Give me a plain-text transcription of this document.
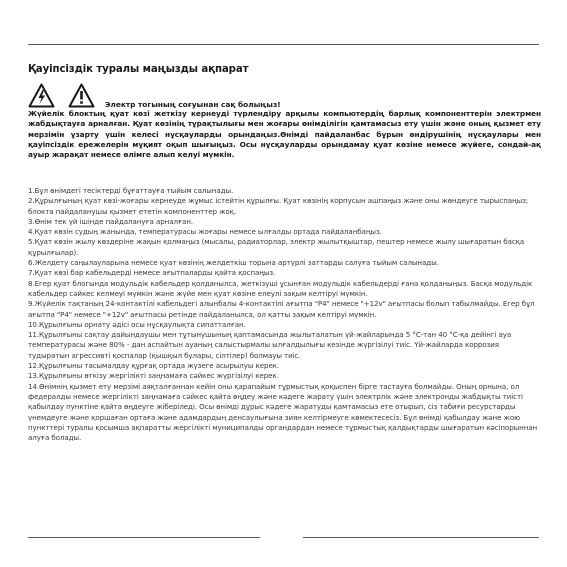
Қауіпсіздік туралы маңызды ақпарат
Электр тогының соғуынан сақ болыңыз!
Жүйелік блоктың қуат көзі жеткізу кернеуді түрлендіру арқылы компьютердің барлық компоненттерін электрмен жабдықтауға арналған. Қуат көзінің тұрақтылығы мен жоғары өнімділігін қамтамасыз ету үшін және оның қызмет ету мерзімін ұзарту үшін келесі нұсқауларды орындаңыз.Өнімді пайдаланбас бұрын өндірушінің нұсқаулары мен қауіпсіздік ережелерін мұқият оқып шығыңыз. Осы нұсқауларды орындамау қуат көзіне немесе жүйеге, сондай-ақ ауыр жарақат немесе өлімге алып келуі мүмкін.
1.Бұл өнімдегі тесіктерді бұғаттауға тыйым салынады.
2.Құрылғының қуат көзі-жоғары кернеуде жұмыс істейтін құрылғы. Қуат көзінің корпусын ашпаңыз және оны жөндеуге тырыспаңыз; блокта пайдаланушы қызмет ететін компоненттер жоқ.
3.Өнім тек үй ішінде пайдалануға арналған.
4.Қуат көзін судың жанында, температурасы жоғары немесе ылғалды ортада пайдаланбаңыз.
5.Қуат көзін жылу көздеріне жақын қолмаңыз (мысалы, радиаторлар, электр жылытқыштар, пештер немесе жылу шығаратын басқа құрылғылар).
6.Желдету саңылауларына немесе қуат көзінің желдеткіш торына артүрлі заттарды салуға тыйым салынады.
7.Қуат көзі бар кабельдерді немесе ағытпаларды қайта қоспаңыз.
8.Егер қуат блогында модульдік кабельдер қолданылса, жеткізуші ұсынған модульдік кабельдерді ғана қолданыңыз. Басқа модульдік кабельдер сәйкес келмеуі мүмкін және жүйе мен қуат көзіне елеулі зақым келтіруі мүмкін.
9.Жүйелік тақтаның 24-контактілі кабельдегі алынбалы 4-контактілі ағытпа "P4" немесе "+12v" ағытпасы болып табылмайды. Егер бұл ағытпа "P4" немесе "+12v" ағытпасы ретінде пайдаланылса, ол қатты зақым келтіруі мүмкін.
10.Құрылғыны орнату әдісі осы нұсқаулықта сипатталған.
11.Құрылғыны сақтау дайындаушы мен тұтынушының қаптамасында жылыталатын үй-жайларында 5 °С-тан 40 °С-қа дейінгі ауа температурасы және 80% - дан аспайтын ауаның салыстырмалы ылғалдылығы кезінде жүргізілуі тиіс. Үй-жайларда коррозия тудыратын агрессивті қоспалар (қышқыл булары, сілтілер) болмауы тиіс.
12.Құрылғыны тасымалдау құрғақ ортада жүзеге асырылуы керек.
13.Құрылғыны өткізу жергілікті заңнамаға сәйкес жүргізілуі керек.
14.Өнімнің қызмет ету мерзімі аяқталғаннан кейін оны қарапайым тұрмыстық қоқыспен бірге тастауға болмайды. Оның орнына, ол федералды немесе жергілікті заңнамаға сәйкес қайта өңдеу және кәдеге жарату үшін электрлік және электронды жабдықты тиісті қабылдау пунктіне қайта өңдеуге жіберіледі. Осы өнімді дұрыс кәдеге жаратуды қамтамасыз ете отырып, сіз табиғи ресурстарды үнемдеуге және қоршаған ортаға және адамдардың денсаулығына зиян келтірмеуге көмектесесіз. Бұл өнімді қабылдау және жою пункттері туралы қосымша ақпаратты жергілікті муниципалды органдардан немесе тұрмыстық қалдықтарды шығаратын кәсіпорыннан алуға болады.
